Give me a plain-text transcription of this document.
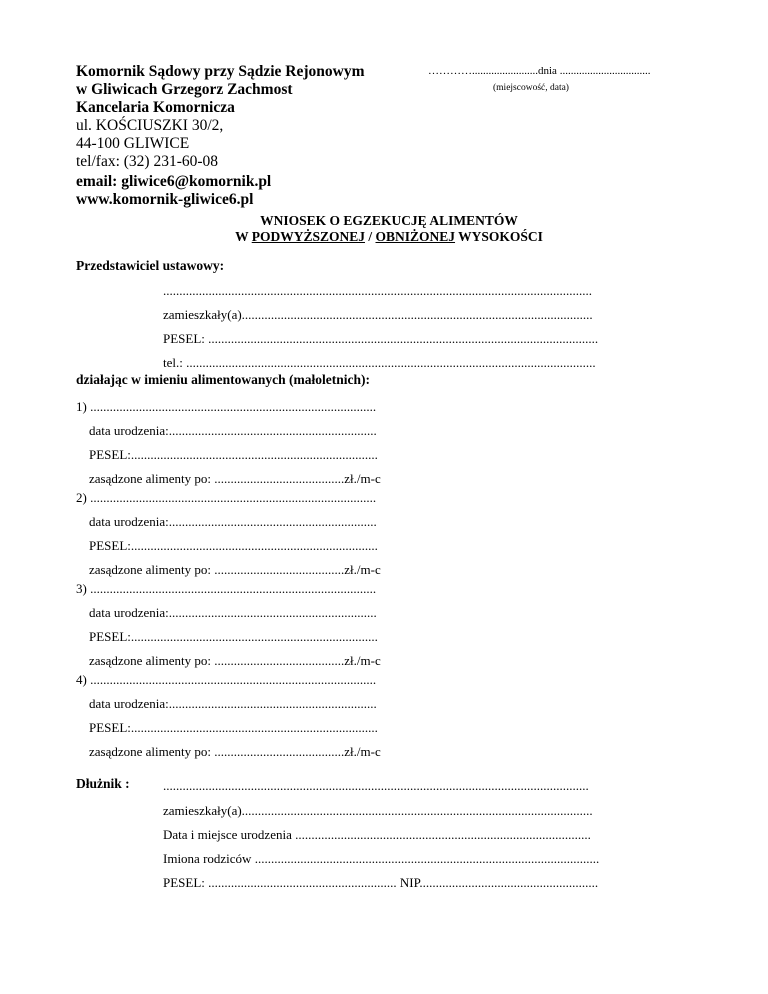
Komornik Sądowy przy Sądzie Rejonowym
w Gliwicach Grzegorz Zachmost
Kancelaria Komornicza
ul. KOŚCIUSZKI 30/2,
44-100 GLIWICE
tel/fax: (32) 231-60-08
email: gliwice6@komornik.pl
www.komornik-gliwice6.pl
…………........................dnia .................................
(miejscowość, data)
WNIOSEK O EGZEKUCJĘ ALIMENTÓW
W PODWYŻSZONEJ / OBNIŻONEJ WYSOKOŚCI
Przedstawiciel ustawowy:
....................................................................................................................................
zamieszkały(a)............................................................................................................
PESEL: ........................................................................................................................
tel.: ..............................................................................................................................
działając w imieniu alimentowanych (małoletnich):
1) ........................................................................................
data urodzenia:................................................................
PESEL:............................................................................
zasądzone alimenty po: ........................................zł./m-c
2) ........................................................................................
data urodzenia:................................................................
PESEL:............................................................................
zasądzone alimenty po: ........................................zł./m-c
3) ........................................................................................
data urodzenia:................................................................
PESEL:............................................................................
zasądzone alimenty po: ........................................zł./m-c
4) ........................................................................................
data urodzenia:................................................................
PESEL:............................................................................
zasądzone alimenty po: ........................................zł./m-c
Dłużnik :	...................................................................................................................................
zamieszkały(a)............................................................................................................
Data i miejsce urodzenia ...........................................................................................
Imiona rodziców ..........................................................................................................
PESEL: .......................................................... NIP.......................................................
